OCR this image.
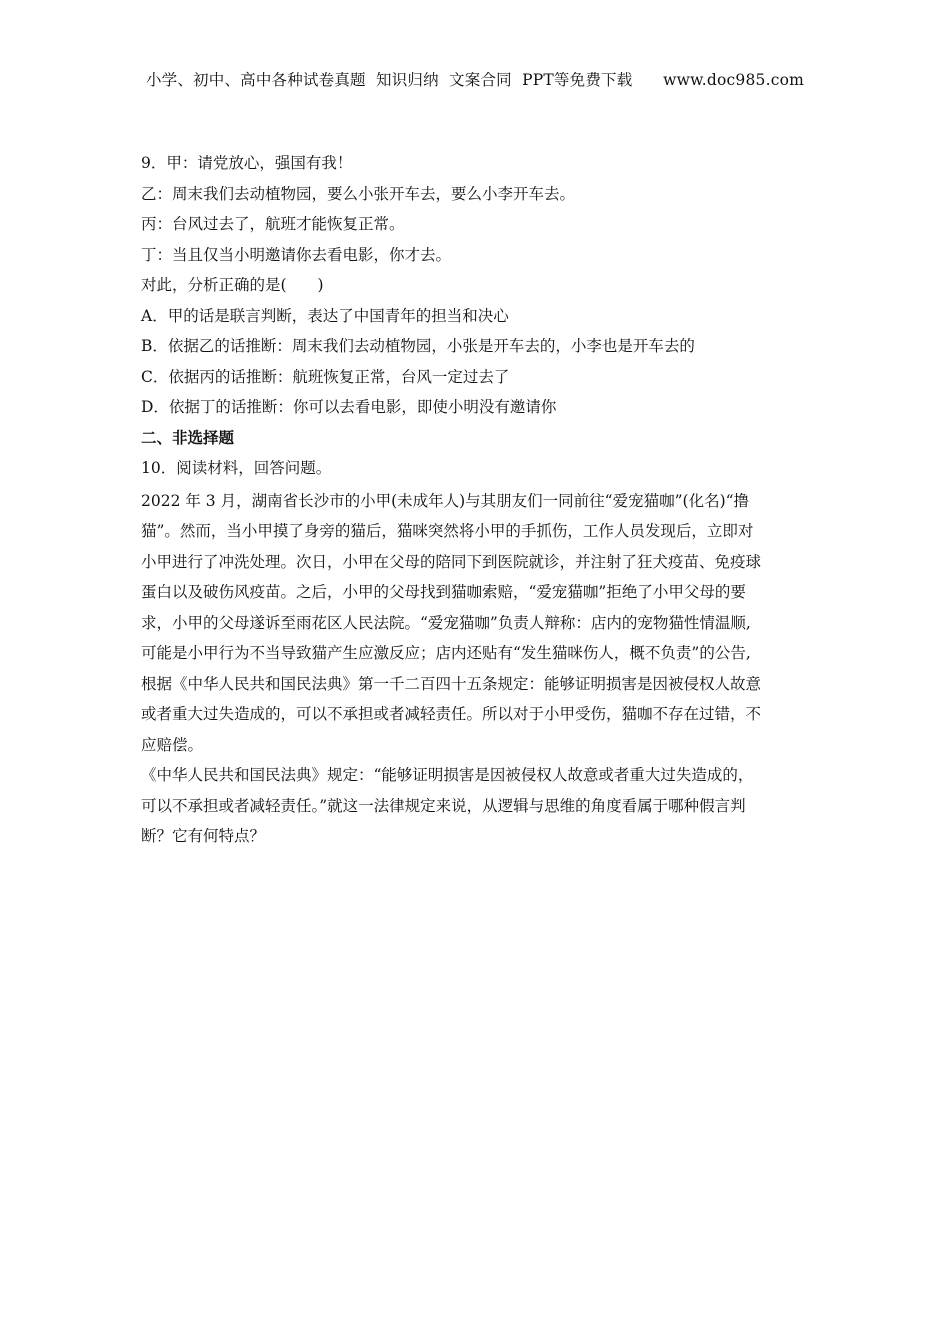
小学、初中、高中各种试卷真题  知识归纳  文案合同  PPT等免费下载      www.doc985.com
9．甲：请党放心，强国有我！
乙：周末我们去动植物园，要么小张开车去，要么小李开车去。
丙：台风过去了，航班才能恢复正常。
丁：当且仅当小明邀请你去看电影，你才去。
对此，分析正确的是(　　)
A．甲的话是联言判断，表达了中国青年的担当和决心
B．依据乙的话推断：周末我们去动植物园，小张是开车去的，小李也是开车去的
C．依据丙的话推断：航班恢复正常，台风一定过去了
D．依据丁的话推断：你可以去看电影，即使小明没有邀请你
二、非选择题
10．阅读材料，回答问题。
2022 年 3 月，湖南省长沙市的小甲(未成年人)与其朋友们一同前往“爱宠猫咖”(化名)“撸
猫”。然而，当小甲摸了身旁的猫后，猫咪突然将小甲的手抓伤，工作人员发现后，立即对
小甲进行了冲洗处理。次日，小甲在父母的陪同下到医院就诊，并注射了狂犬疫苗、免疫球
蛋白以及破伤风疫苗。之后，小甲的父母找到猫咖索赔，“爱宠猫咖”拒绝了小甲父母的要
求，小甲的父母遂诉至雨花区人民法院。“爱宠猫咖”负责人辩称：店内的宠物猫性情温顺,
可能是小甲行为不当导致猫产生应激反应；店内还贴有“发生猫咪伤人，概不负责”的公告,
根据《中华人民共和国民法典》第一千二百四十五条规定：能够证明损害是因被侵权人故意
或者重大过失造成的，可以不承担或者减轻责任。所以对于小甲受伤，猫咖不存在过错，不
应赔偿。
《中华人民共和国民法典》规定：“能够证明损害是因被侵权人故意或者重大过失造成的，
可以不承担或者减轻责任。”就这一法律规定来说，从逻辑与思维的角度看属于哪种假言判
断？它有何特点？
